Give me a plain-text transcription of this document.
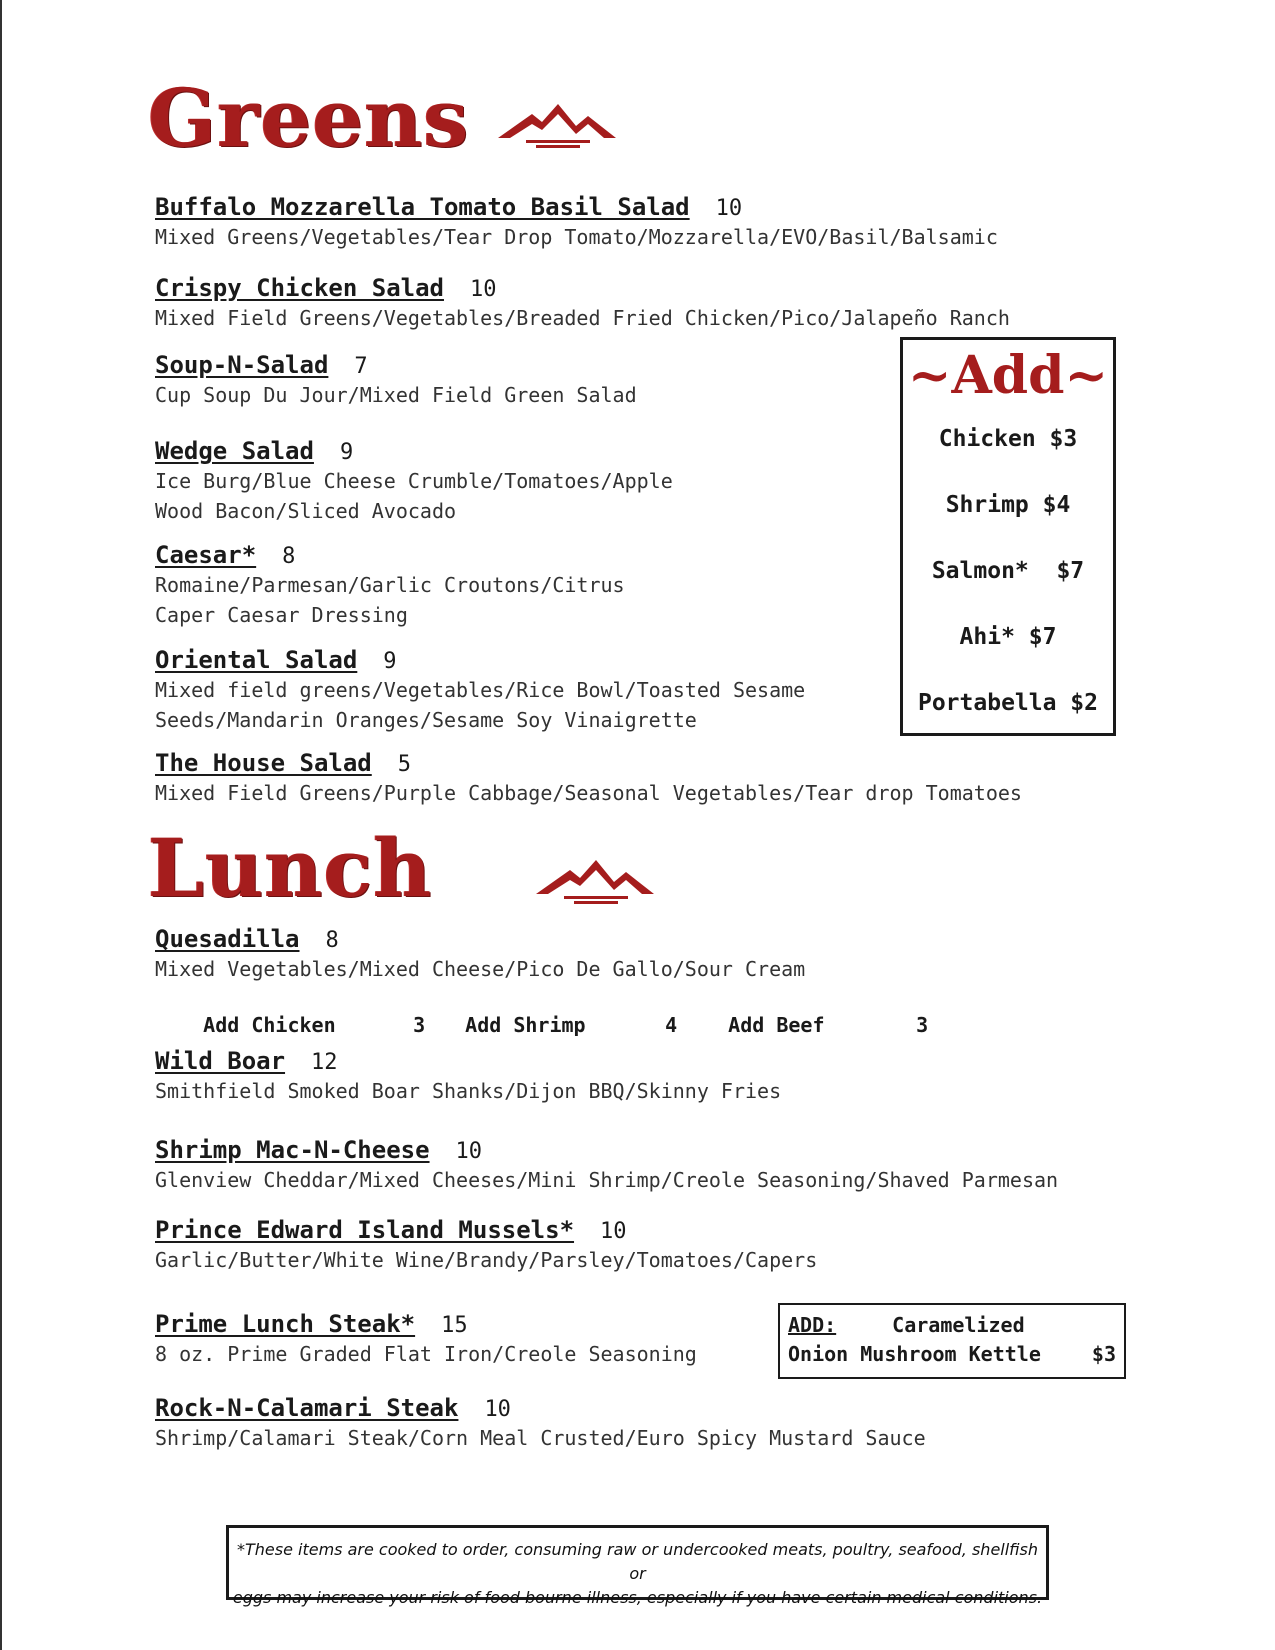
Greens
Buffalo Mozzarella Tomato Basil Salad 10
Mixed Greens/Vegetables/Tear Drop Tomato/Mozzarella/EVO/Basil/Balsamic
Crispy Chicken Salad 10
Mixed Field Greens/Vegetables/Breaded Fried Chicken/Pico/Jalapeño Ranch
Soup-N-Salad 7
Cup Soup Du Jour/Mixed Field Green Salad
Wedge Salad 9
Ice Burg/Blue Cheese Crumble/Tomatoes/Apple
Wood Bacon/Sliced Avocado
Caesar* 8
Romaine/Parmesan/Garlic Croutons/Citrus
Caper Caesar Dressing
Oriental Salad 9
Mixed field greens/Vegetables/Rice Bowl/Toasted Sesame
Seeds/Mandarin Oranges/Sesame Soy Vinaigrette
The House Salad 5
Mixed Field Greens/Purple Cabbage/Seasonal Vegetables/Tear drop Tomatoes
~Add~
Chicken $3
Shrimp $4
Salmon*  $7
Ahi* $7
Portabella $2
Lunch
Quesadilla 8
Mixed Vegetables/Mixed Cheese/Pico De Gallo/Sour Cream

Add Chicken	3 Add Shrimp	4	Add Beef	3

Wild Boar 12
Smithfield Smoked Boar Shanks/Dijon BBQ/Skinny Fries
Shrimp Mac-N-Cheese 10
Glenview Cheddar/Mixed Cheeses/Mini Shrimp/Creole Seasoning/Shaved Parmesan
Prince Edward Island Mussels* 10
Garlic/Butter/White Wine/Brandy/Parsley/Tomatoes/Capers
Prime Lunch Steak* 15
8 oz. Prime Graded Flat Iron/Creole Seasoning
Rock-N-Calamari Steak 10
Shrimp/Calamari Steak/Corn Meal Crusted/Euro Spicy Mustard Sauce
ADD:	Caramelized
Onion Mushroom Kettle	$3
*These items are cooked to order, consuming raw or undercooked meats, poultry, seafood, shellfish or
eggs may increase your risk of food bourne illness, especially if you have certain medical conditions.
